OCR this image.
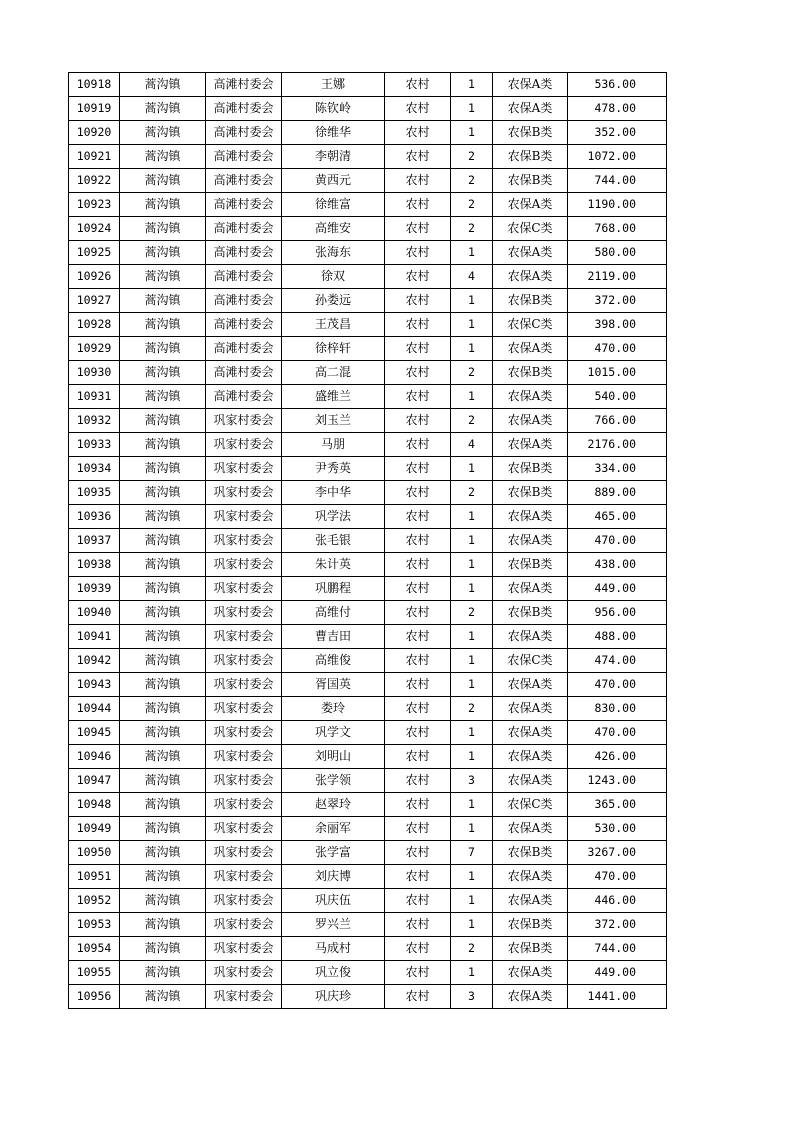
10918	蒿沟镇	高滩村委会	王娜	农村	1	农保A类	536.00
10919	蒿沟镇	高滩村委会	陈钦岭	农村	1	农保A类	478.00
10920	蒿沟镇	高滩村委会	徐维华	农村	1	农保B类	352.00
10921	蒿沟镇	高滩村委会	李朝清	农村	2	农保B类	1072.00
10922	蒿沟镇	高滩村委会	黄西元	农村	2	农保B类	744.00
10923	蒿沟镇	高滩村委会	徐维富	农村	2	农保A类	1190.00
10924	蒿沟镇	高滩村委会	高维安	农村	2	农保C类	768.00
10925	蒿沟镇	高滩村委会	张海东	农村	1	农保A类	580.00
10926	蒿沟镇	高滩村委会	徐双	农村	4	农保A类	2119.00
10927	蒿沟镇	高滩村委会	孙娄远	农村	1	农保B类	372.00
10928	蒿沟镇	高滩村委会	王茂昌	农村	1	农保C类	398.00
10929	蒿沟镇	高滩村委会	徐梓轩	农村	1	农保A类	470.00
10930	蒿沟镇	高滩村委会	高二混	农村	2	农保B类	1015.00
10931	蒿沟镇	高滩村委会	盛维兰	农村	1	农保A类	540.00
10932	蒿沟镇	巩家村委会	刘玉兰	农村	2	农保A类	766.00
10933	蒿沟镇	巩家村委会	马朋	农村	4	农保A类	2176.00
10934	蒿沟镇	巩家村委会	尹秀英	农村	1	农保B类	334.00
10935	蒿沟镇	巩家村委会	李中华	农村	2	农保B类	889.00
10936	蒿沟镇	巩家村委会	巩学法	农村	1	农保A类	465.00
10937	蒿沟镇	巩家村委会	张毛银	农村	1	农保A类	470.00
10938	蒿沟镇	巩家村委会	朱计英	农村	1	农保B类	438.00
10939	蒿沟镇	巩家村委会	巩鹏程	农村	1	农保A类	449.00
10940	蒿沟镇	巩家村委会	高维付	农村	2	农保B类	956.00
10941	蒿沟镇	巩家村委会	曹吉田	农村	1	农保A类	488.00
10942	蒿沟镇	巩家村委会	高维俊	农村	1	农保C类	474.00
10943	蒿沟镇	巩家村委会	胥国英	农村	1	农保A类	470.00
10944	蒿沟镇	巩家村委会	娄玲	农村	2	农保A类	830.00
10945	蒿沟镇	巩家村委会	巩学文	农村	1	农保A类	470.00
10946	蒿沟镇	巩家村委会	刘明山	农村	1	农保A类	426.00
10947	蒿沟镇	巩家村委会	张学领	农村	3	农保A类	1243.00
10948	蒿沟镇	巩家村委会	赵翠玲	农村	1	农保C类	365.00
10949	蒿沟镇	巩家村委会	余丽军	农村	1	农保A类	530.00
10950	蒿沟镇	巩家村委会	张学富	农村	7	农保B类	3267.00
10951	蒿沟镇	巩家村委会	刘庆博	农村	1	农保A类	470.00
10952	蒿沟镇	巩家村委会	巩庆伍	农村	1	农保A类	446.00
10953	蒿沟镇	巩家村委会	罗兴兰	农村	1	农保B类	372.00
10954	蒿沟镇	巩家村委会	马成村	农村	2	农保B类	744.00
10955	蒿沟镇	巩家村委会	巩立俊	农村	1	农保A类	449.00
10956	蒿沟镇	巩家村委会	巩庆珍	农村	3	农保A类	1441.00
